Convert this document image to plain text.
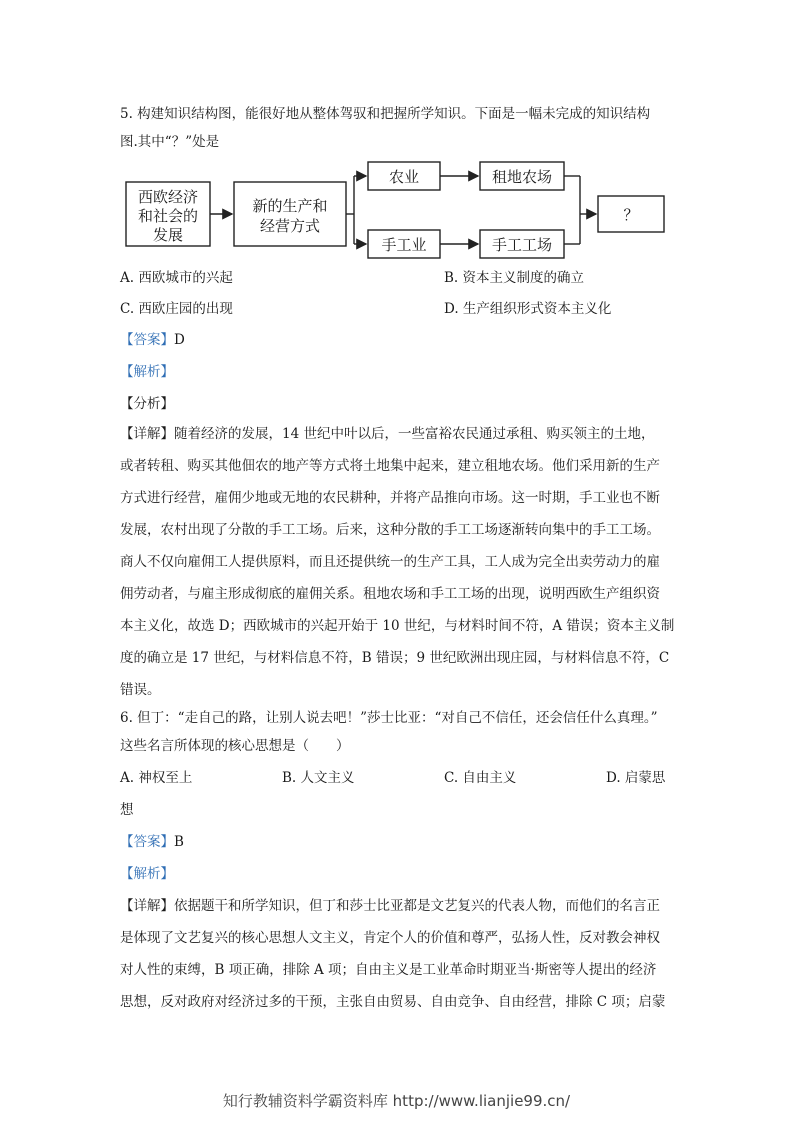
5. 构建知识结构图，能很好地从整体驾驭和把握所学知识。下面是一幅未完成的知识结构
图.其中“？”处是
西欧经济
和社会的
发展
新的生产和
经营方式
农业	租地农场
手工业	手工工场
？
A. 西欧城市的兴起	B. 资本主义制度的确立
C. 西欧庄园的出现	D. 生产组织形式资本主义化
【答案】D
【解析】
【分析】
【详解】随着经济的发展，14 世纪中叶以后，一些富裕农民通过承租、购买领主的土地，
或者转租、购买其他佃农的地产等方式将土地集中起来，建立租地农场。他们采用新的生产
方式进行经营，雇佣少地或无地的农民耕种，并将产品推向市场。这一时期，手工业也不断
发展，农村出现了分散的手工工场。后来，这种分散的手工工场逐渐转向集中的手工工场。
商人不仅向雇佣工人提供原料，而且还提供统一的生产工具，工人成为完全出卖劳动力的雇
佣劳动者，与雇主形成彻底的雇佣关系。租地农场和手工工场的出现，说明西欧生产组织资
本主义化，故选 D；西欧城市的兴起开始于 10 世纪，与材料时间不符，A 错误；资本主义制
度的确立是 17 世纪，与材料信息不符，B 错误；9 世纪欧洲出现庄园，与材料信息不符，C
错误。
6. 但丁：“走自己的路，让别人说去吧！”莎士比亚：“对自己不信任，还会信任什么真理。”
这些名言所体现的核心思想是（　　）
A. 神权至上	B. 人文主义	C. 自由主义	D. 启蒙思
想
【答案】B
【解析】
【详解】依据题干和所学知识，但丁和莎士比亚都是文艺复兴的代表人物，而他们的名言正
是体现了文艺复兴的核心思想人文主义，肯定个人的价值和尊严，弘扬人性，反对教会神权
对人性的束缚，B 项正确，排除 A 项；自由主义是工业革命时期亚当·斯密等人提出的经济
思想，反对政府对经济过多的干预，主张自由贸易、自由竞争、自由经营，排除 C 项；启蒙
知行教辅资料学霸资料库 http://www.lianjie99.cn/
